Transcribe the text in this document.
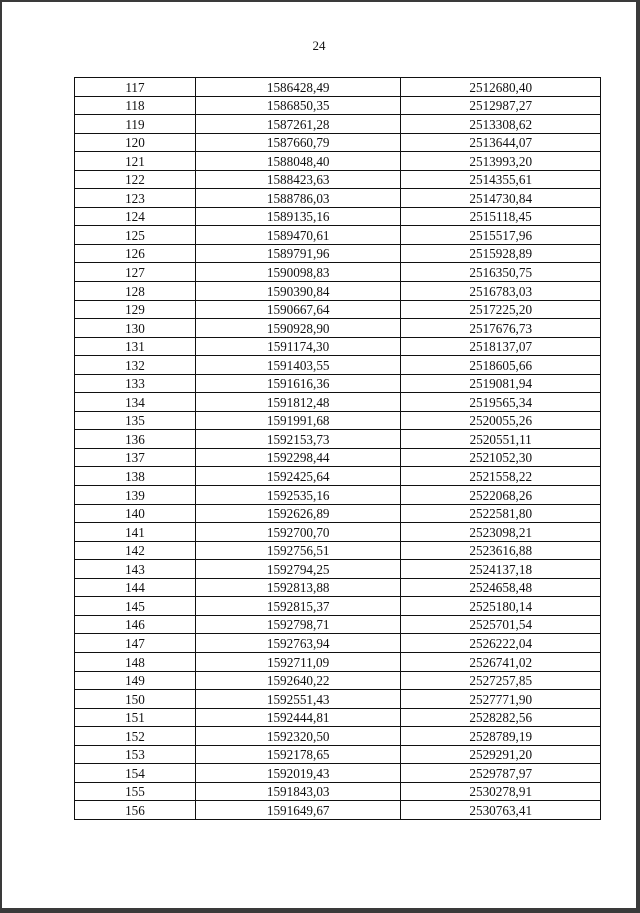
24
117	1586428,49	2512680,40
118	1586850,35	2512987,27
119	1587261,28	2513308,62
120	1587660,79	2513644,07
121	1588048,40	2513993,20
122	1588423,63	2514355,61
123	1588786,03	2514730,84
124	1589135,16	2515118,45
125	1589470,61	2515517,96
126	1589791,96	2515928,89
127	1590098,83	2516350,75
128	1590390,84	2516783,03
129	1590667,64	2517225,20
130	1590928,90	2517676,73
131	1591174,30	2518137,07
132	1591403,55	2518605,66
133	1591616,36	2519081,94
134	1591812,48	2519565,34
135	1591991,68	2520055,26
136	1592153,73	2520551,11
137	1592298,44	2521052,30
138	1592425,64	2521558,22
139	1592535,16	2522068,26
140	1592626,89	2522581,80
141	1592700,70	2523098,21
142	1592756,51	2523616,88
143	1592794,25	2524137,18
144	1592813,88	2524658,48
145	1592815,37	2525180,14
146	1592798,71	2525701,54
147	1592763,94	2526222,04
148	1592711,09	2526741,02
149	1592640,22	2527257,85
150	1592551,43	2527771,90
151	1592444,81	2528282,56
152	1592320,50	2528789,19
153	1592178,65	2529291,20
154	1592019,43	2529787,97
155	1591843,03	2530278,91
156	1591649,67	2530763,41
